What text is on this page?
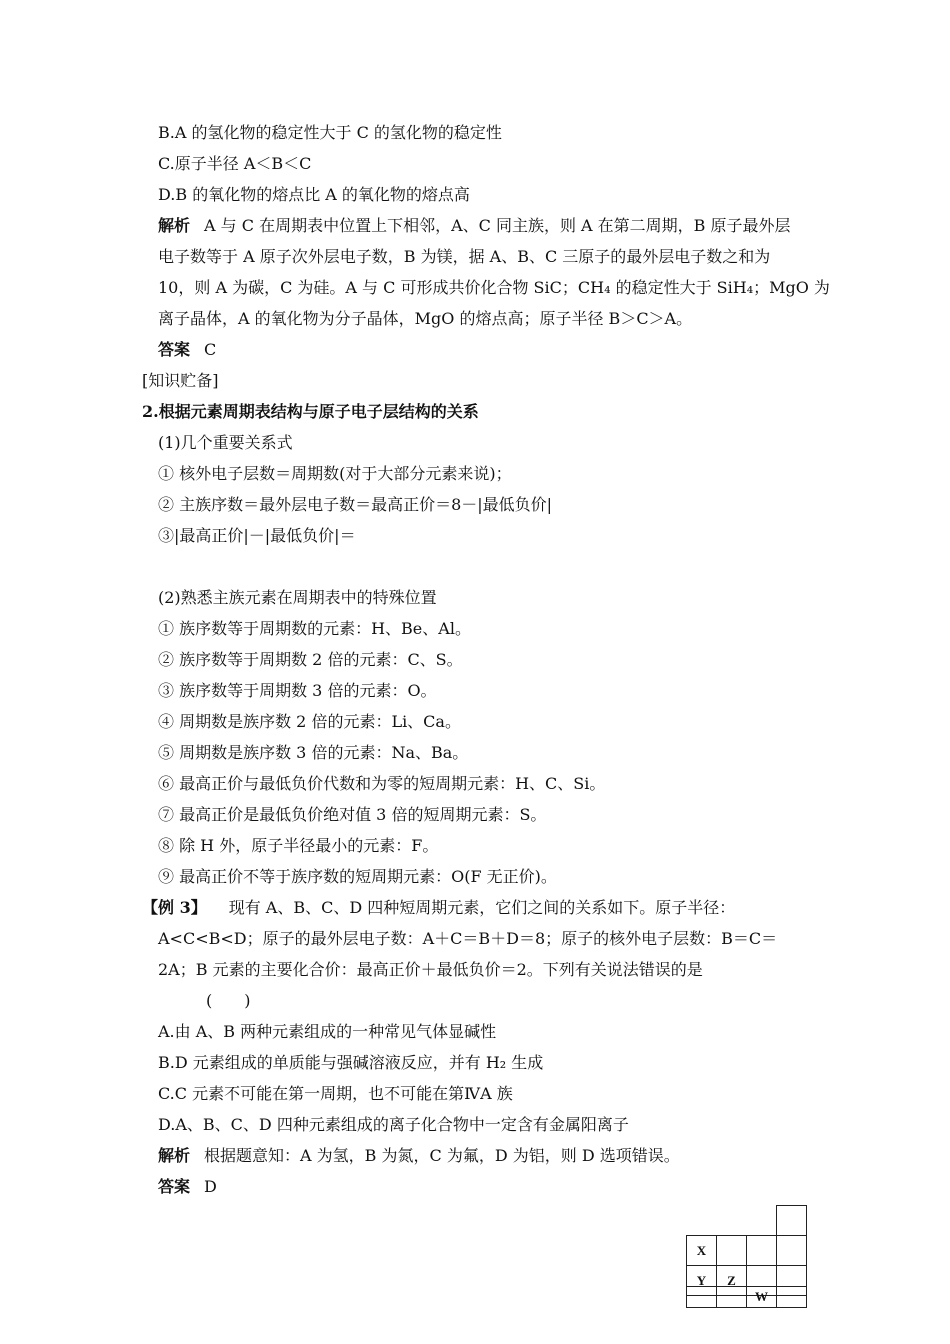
B.A 的氢化物的稳定性大于 C 的氢化物的稳定性
C.原子半径 A＜B＜C
D.B 的氧化物的熔点比 A 的氧化物的熔点高
解析 A 与 C 在周期表中位置上下相邻，A、C 同主族，则 A 在第二周期，B 原子最外层
电子数等于 A 原子次外层电子数，B 为镁，据 A、B、C 三原子的最外层电子数之和为
10，则 A 为碳，C 为硅。A 与 C 可形成共价化合物 SiC；CH₄ 的稳定性大于 SiH₄；MgO 为
离子晶体，A 的氧化物为分子晶体，MgO 的熔点高；原子半径 B＞C＞A。
答案 C
[知识贮备]
2.根据元素周期表结构与原子电子层结构的关系
(1)几个重要关系式
① 核外电子层数＝周期数(对于大部分元素来说)；
② 主族序数＝最外层电子数＝最高正价＝8－|最低负价|
③|最高正价|－|最低负价|＝
(2)熟悉主族元素在周期表中的特殊位置
① 族序数等于周期数的元素：H、Be、Al。
② 族序数等于周期数 2 倍的元素：C、S。
③ 族序数等于周期数 3 倍的元素：O。
④ 周期数是族序数 2 倍的元素：Li、Ca。
⑤ 周期数是族序数 3 倍的元素：Na、Ba。
⑥ 最高正价与最低负价代数和为零的短周期元素：H、C、Si。
⑦ 最高正价是最低负价绝对值 3 倍的短周期元素：S。
⑧ 除 H 外，原子半径最小的元素：F。
⑨ 最高正价不等于族序数的短周期元素：O(F 无正价)。
【例 3】 现有 A、B、C、D 四种短周期元素，它们之间的关系如下。原子半径：
A<C<B<D；原子的最外层电子数：A＋C＝B＋D＝8；原子的核外电子层数：B＝C＝
2A；B 元素的主要化合价：最高正价＋最低负价＝2。下列有关说法错误的是
(　　)
A.由 A、B 两种元素组成的一种常见气体显碱性
B.D 元素组成的单质能与强碱溶液反应，并有 H₂ 生成
C.C 元素不可能在第一周期，也不可能在第ⅣA 族
D.A、B、C、D 四种元素组成的离子化合物中一定含有金属阳离子
解析 根据题意知：A 为氢，B 为氮，C 为氟，D 为铝，则 D 选项错误。
答案 D
X
Y	Z
W
